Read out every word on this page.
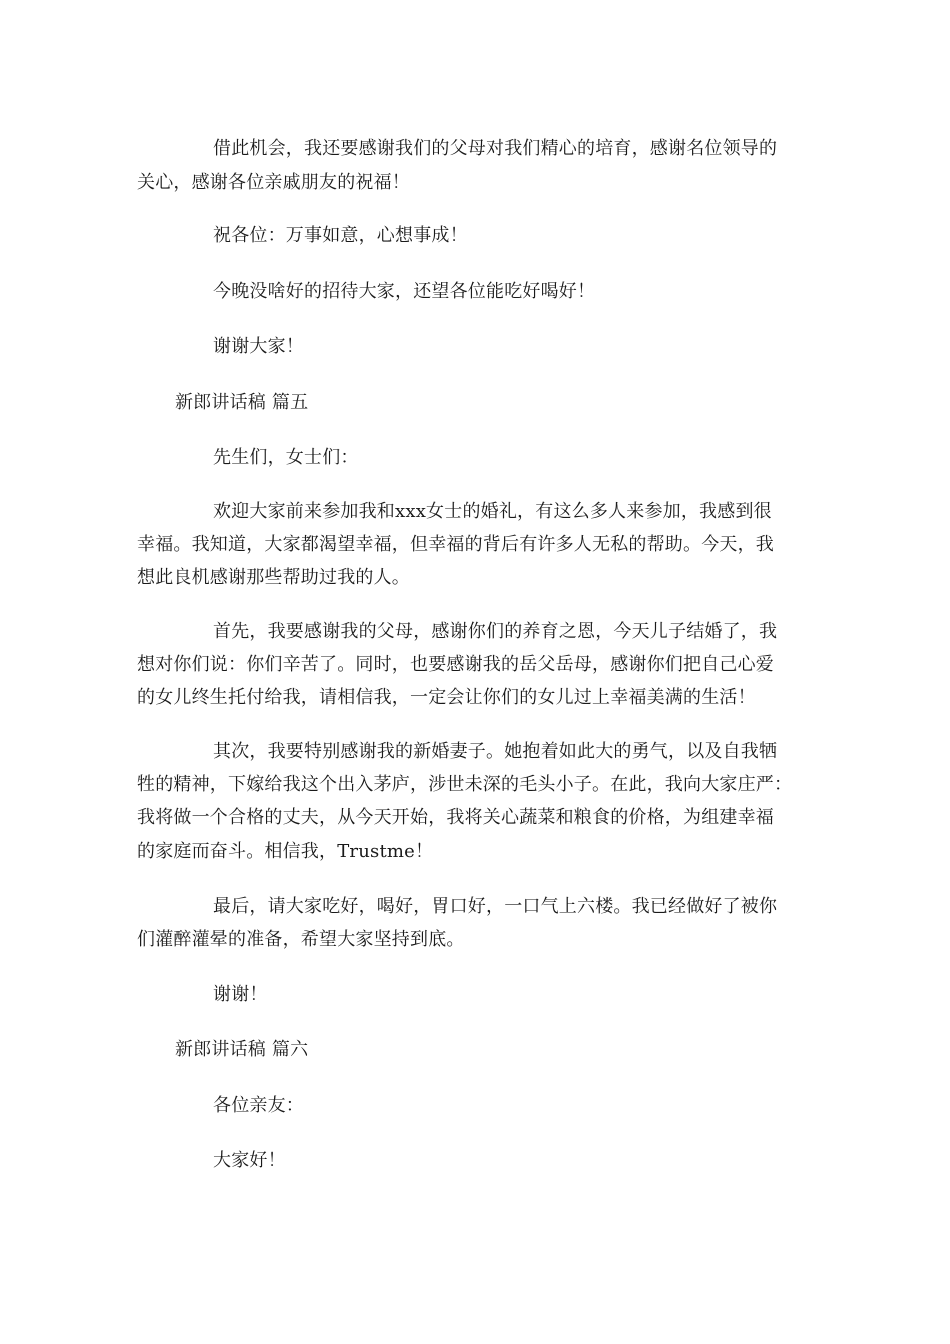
借此机会，我还要感谢我们的父母对我们精心的培育，感谢名位领导的
关心，感谢各位亲戚朋友的祝福！
祝各位：万事如意，心想事成！
今晚没啥好的招待大家，还望各位能吃好喝好！
谢谢大家！
新郎讲话稿 篇五
先生们，女士们：
欢迎大家前来参加我和xxx女士的婚礼，有这么多人来参加，我感到很
幸福。我知道，大家都渴望幸福，但幸福的背后有许多人无私的帮助。今天，我
想此良机感谢那些帮助过我的人。
首先，我要感谢我的父母，感谢你们的养育之恩，今天儿子结婚了，我
想对你们说：你们辛苦了。同时，也要感谢我的岳父岳母，感谢你们把自己心爱
的女儿终生托付给我，请相信我，一定会让你们的女儿过上幸福美满的生活！
其次，我要特别感谢我的新婚妻子。她抱着如此大的勇气，以及自我牺
牲的精神，下嫁给我这个出入茅庐，涉世未深的毛头小子。在此，我向大家庄严：
我将做一个合格的丈夫，从今天开始，我将关心蔬菜和粮食的价格，为组建幸福
的家庭而奋斗。相信我，Trustme！
最后，请大家吃好，喝好，胃口好，一口气上六楼。我已经做好了被你
们灌醉灌晕的准备，希望大家坚持到底。
谢谢！
新郎讲话稿 篇六
各位亲友：
大家好！
